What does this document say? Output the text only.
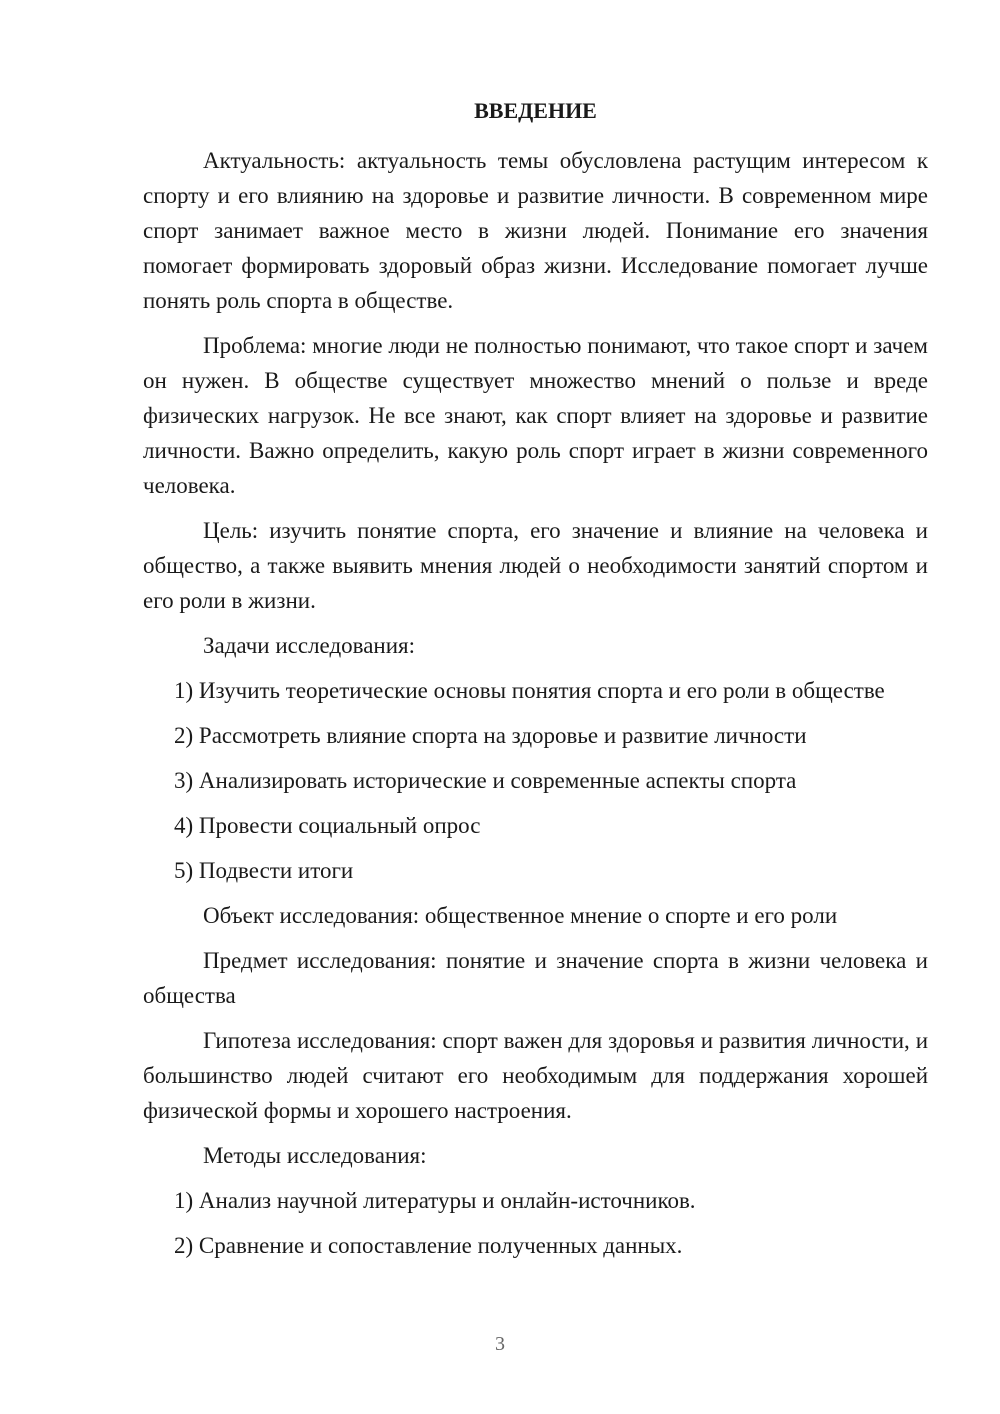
ВВЕДЕНИЕ

Актуальность: актуальность темы обусловлена растущим интересом к спорту и его влиянию на здоровье и развитие личности. В современном мире спорт занимает важное место в жизни людей. Понимание его значения помогает формировать здоровый образ жизни. Исследование помогает лучше понять роль спорта в обществе.

Проблема: многие люди не полностью понимают, что такое спорт и зачем он нужен. В обществе существует множество мнений о пользе и вреде физических нагрузок. Не все знают, как спорт влияет на здоровье и развитие личности. Важно определить, какую роль спорт играет в жизни современного человека.

Цель: изучить понятие спорта, его значение и влияние на человека и общество, а также выявить мнения людей о необходимости занятий спортом и его роли в жизни.

Задачи исследования:

1) Изучить теоретические основы понятия спорта и его роли в обществе

2) Рассмотреть влияние спорта на здоровье и развитие личности

3) Анализировать исторические и современные аспекты спорта

4) Провести социальный опрос

5) Подвести итоги

Объект исследования: общественное мнение о спорте и его роли

Предмет исследования: понятие и значение спорта в жизни человека и общества

Гипотеза исследования: спорт важен для здоровья и развития личности, и большинство людей считают его необходимым для поддержания хорошей физической формы и хорошего настроения.

Методы исследования:

1) Анализ научной литературы и онлайн-источников.

2) Сравнение и сопоставление полученных данных.

3
